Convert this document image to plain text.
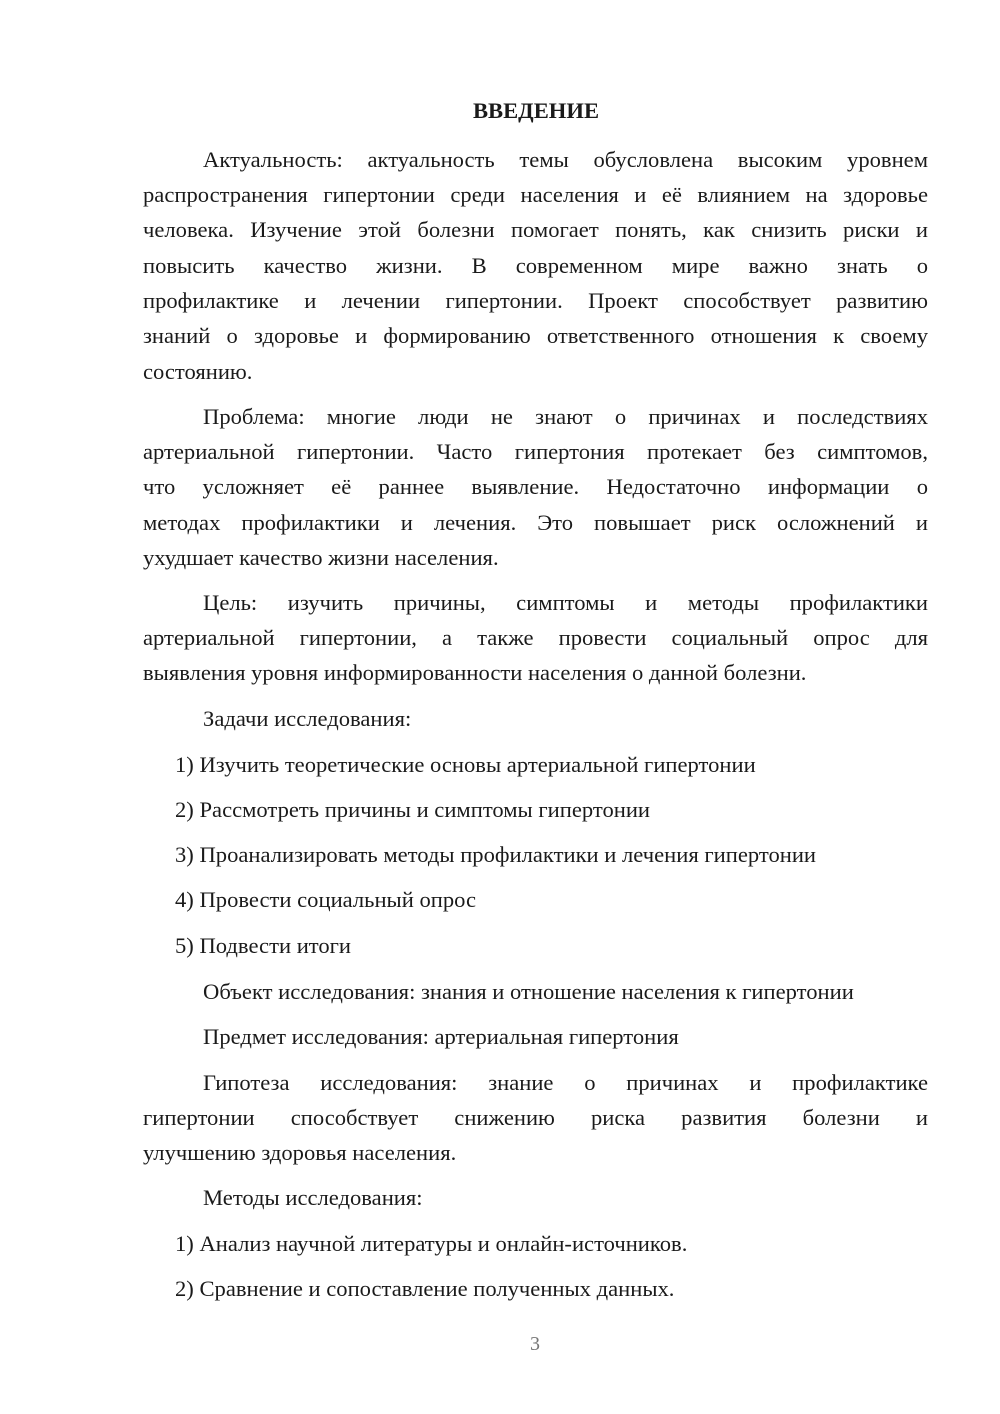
ВВЕДЕНИЕ
Актуальность: актуальность темы обусловлена высоким уровнем
распространения гипертонии среди населения и её влиянием на здоровье
человека. Изучение этой болезни помогает понять, как снизить риски и
повысить качество жизни. В современном мире важно знать о
профилактике и лечении гипертонии. Проект способствует развитию
знаний о здоровье и формированию ответственного отношения к своему
состоянию.
Проблема: многие люди не знают о причинах и последствиях
артериальной гипертонии. Часто гипертония протекает без симптомов,
что усложняет её раннее выявление. Недостаточно информации о
методах профилактики и лечения. Это повышает риск осложнений и
ухудшает качество жизни населения.
Цель: изучить причины, симптомы и методы профилактики
артериальной гипертонии, а также провести социальный опрос для
выявления уровня информированности населения о данной болезни.
Задачи исследования:
1) Изучить теоретические основы артериальной гипертонии
2) Рассмотреть причины и симптомы гипертонии
3) Проанализировать методы профилактики и лечения гипертонии
4) Провести социальный опрос
5) Подвести итоги
Объект исследования: знания и отношение населения к гипертонии
Предмет исследования: артериальная гипертония
Гипотеза исследования: знание о причинах и профилактике
гипертонии способствует снижению риска развития болезни и
улучшению здоровья населения.
Методы исследования:
1) Анализ научной литературы и онлайн-источников.
2) Сравнение и сопоставление полученных данных.
3
